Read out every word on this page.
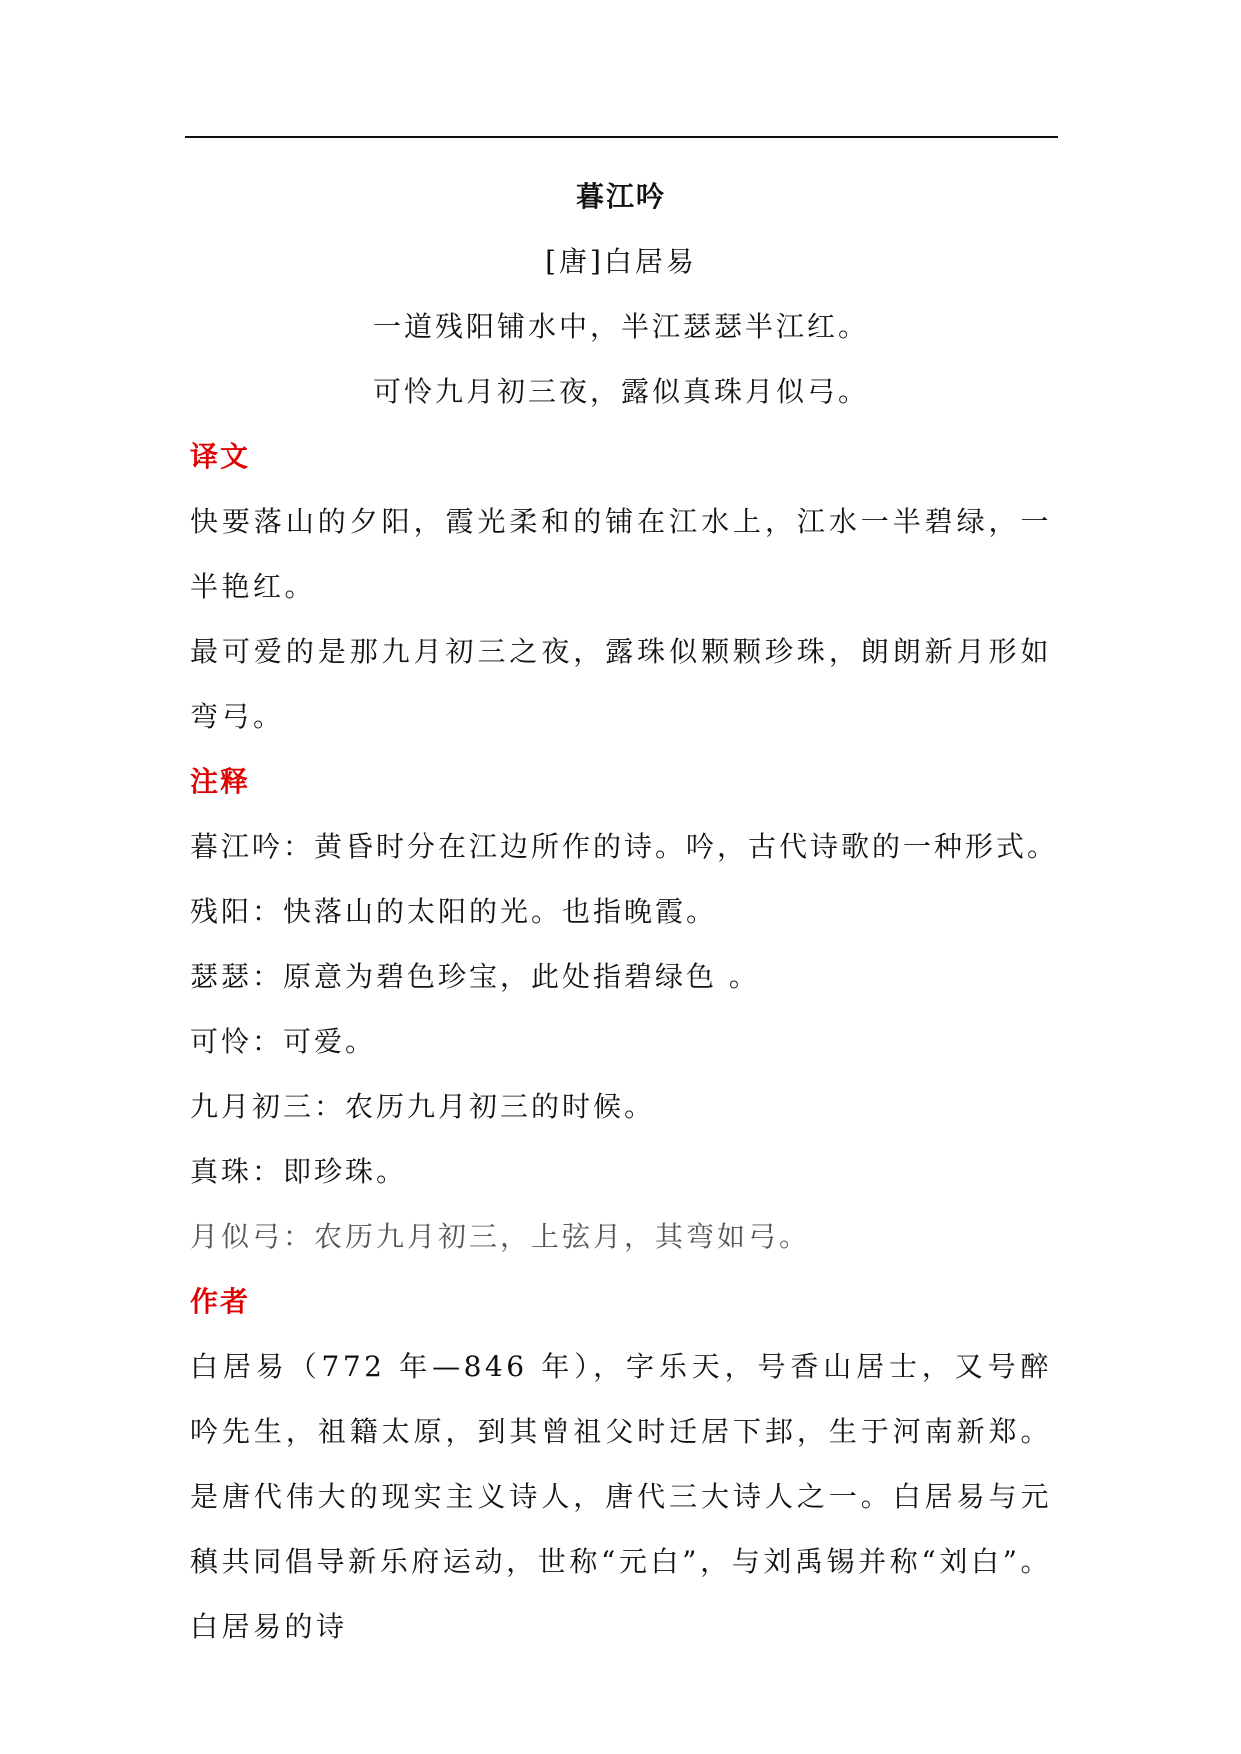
暮江吟

[唐]白居易

一道残阳铺水中，半江瑟瑟半江红。

可怜九月初三夜，露似真珠月似弓。

译文

快要落山的夕阳，霞光柔和的铺在江水上，江水一半碧绿，一半艳红。

最可爱的是那九月初三之夜，露珠似颗颗珍珠，朗朗新月形如弯弓。

注释

暮江吟：黄昏时分在江边所作的诗。吟，古代诗歌的一种形式。

残阳：快落山的太阳的光。也指晚霞。

瑟瑟：原意为碧色珍宝，此处指碧绿色 。

可怜：可爱。

九月初三：农历九月初三的时候。

真珠：即珍珠。

月似弓：农历九月初三，上弦月，其弯如弓。

作者

白居易（772 年—846 年），字乐天，号香山居士，又号醉吟先生，祖籍太原，到其曾祖父时迁居下邽，生于河南新郑。是唐代伟大的现实主义诗人，唐代三大诗人之一。白居易与元稹共同倡导新乐府运动，世称“元白”，与刘禹锡并称“刘白”。白居易的诗
